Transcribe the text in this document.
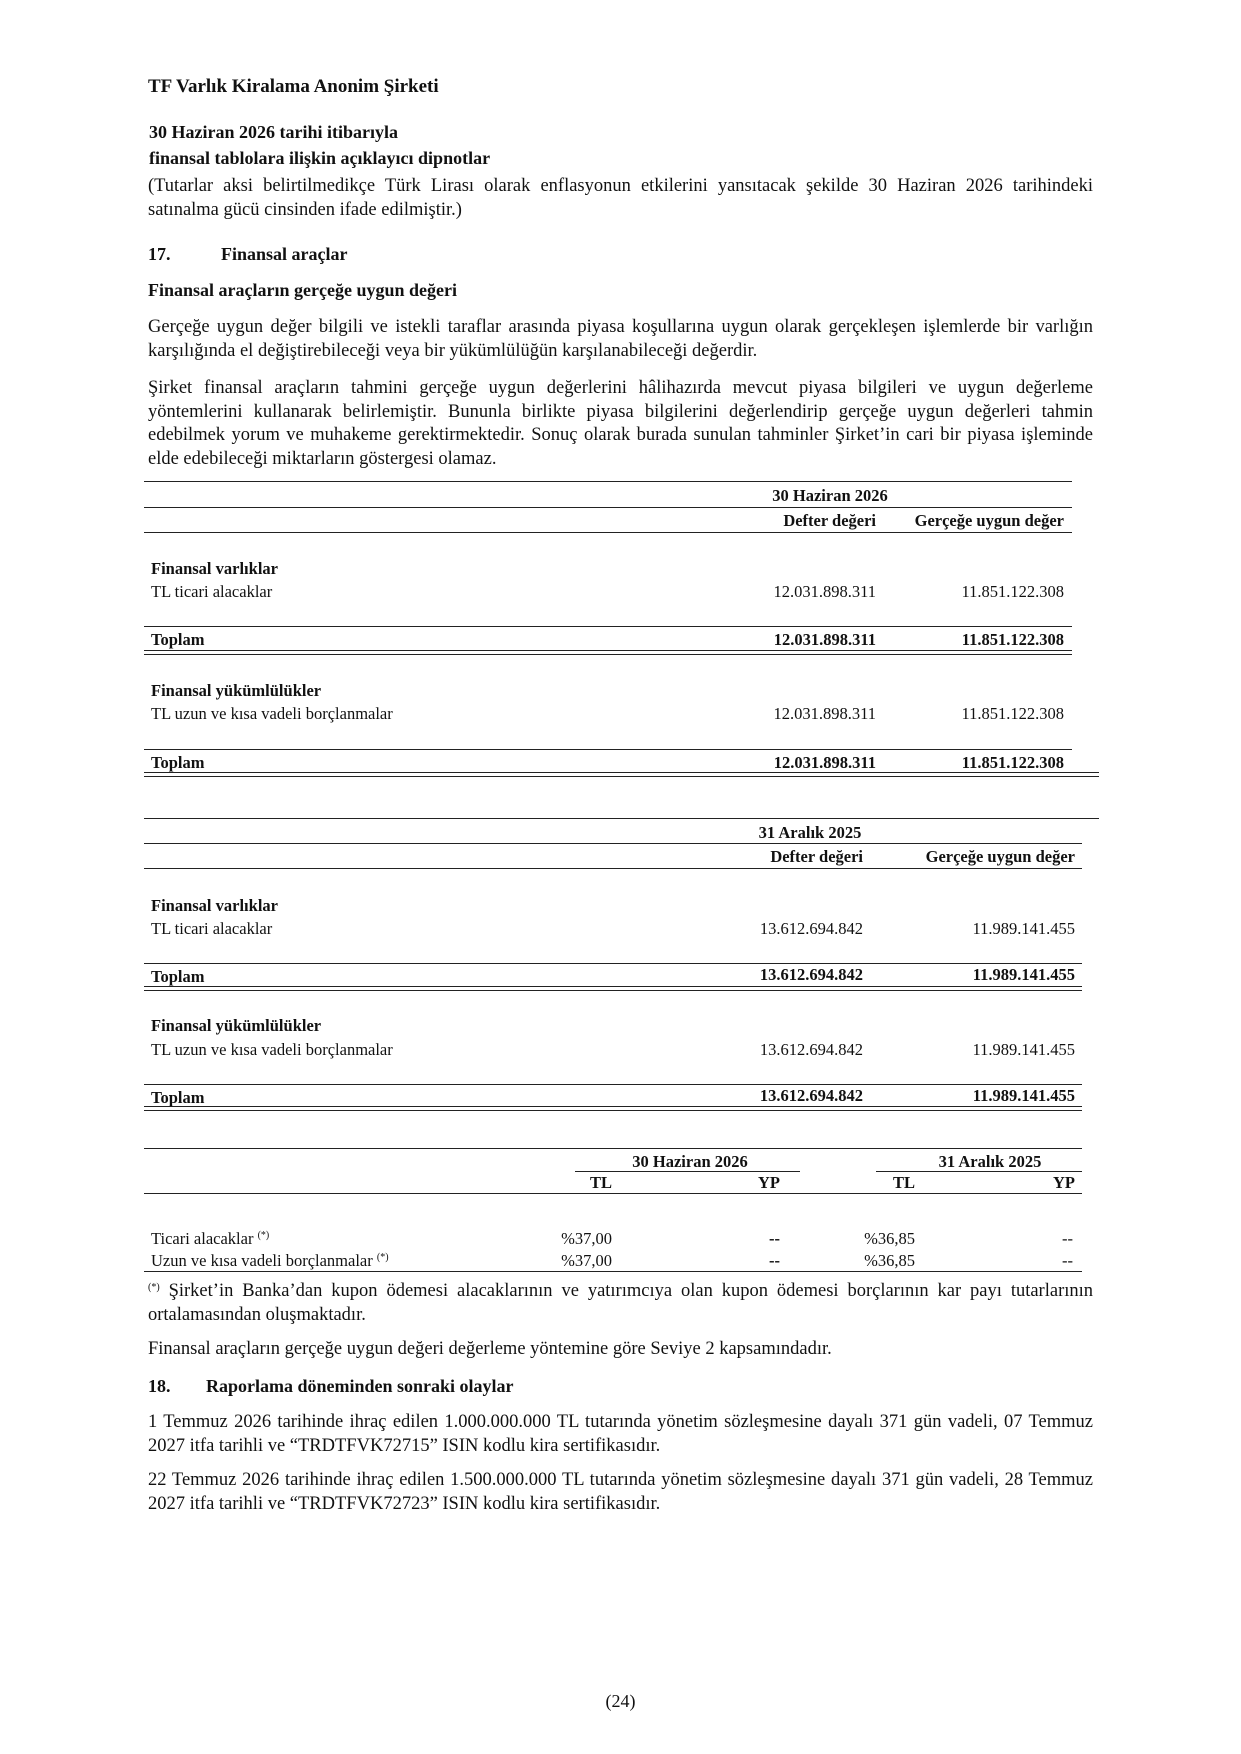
TF Varlık Kiralama Anonim Şirketi
30 Haziran 2026 tarihi itibarıyla
finansal tablolara ilişkin açıklayıcı dipnotlar

(Tutarlar aksi belirtilmedikçe Türk Lirası olarak enflasyonun etkilerini yansıtacak şekilde 30 Haziran 2026 tarihindeki satınalma gücü cinsinden ifade edilmiştir.)

17.	Finansal araçlar
Finansal araçların gerçeğe uygun değeri

Gerçeğe uygun değer bilgili ve istekli taraflar arasında piyasa koşullarına uygun olarak gerçekleşen işlemlerde bir varlığın karşılığında el değiştirebileceği veya bir yükümlülüğün karşılanabileceği değerdir.

Şirket finansal araçların tahmini gerçeğe uygun değerlerini hâlihazırda mevcut piyasa bilgileri ve uygun değerleme yöntemlerini kullanarak belirlemiştir. Bununla birlikte piyasa bilgilerini değerlendirip gerçeğe uygun değerleri tahmin edebilmek yorum ve muhakeme gerektirmektedir. Sonuç olarak burada sunulan tahminler Şirket’in cari bir piyasa işleminde elde edebileceği miktarların göstergesi olamaz.

30 Haziran 2026
Defter değeri	Gerçeğe uygun değer
Finansal varlıklar
TL ticari alacaklar	12.031.898.311	11.851.122.308
Toplam	12.031.898.311	11.851.122.308
Finansal yükümlülükler
TL uzun ve kısa vadeli borçlanmalar	12.031.898.311	11.851.122.308
Toplam	12.031.898.311	11.851.122.308
31 Aralık 2025
Defter değeri	Gerçeğe uygun değer
Finansal varlıklar
TL ticari alacaklar	13.612.694.842	11.989.141.455
Toplam	13.612.694.842	11.989.141.455
Finansal yükümlülükler
TL uzun ve kısa vadeli borçlanmalar	13.612.694.842	11.989.141.455
Toplam	13.612.694.842	11.989.141.455
30 Haziran 2026	31 Aralık 2025
TL	YP	TL	YP
Ticari alacaklar (*)	%37,00	--	%36,85	--
Uzun ve kısa vadeli borçlanmalar (*)	%37,00	--	%36,85	--

(*) Şirket’in Banka’dan kupon ödemesi alacaklarının ve yatırımcıya olan kupon ödemesi borçlarının kar payı tutarlarının ortalamasından oluşmaktadır.

Finansal araçların gerçeğe uygun değeri değerleme yöntemine göre Seviye 2 kapsamındadır.

18. Raporlama döneminden sonraki olaylar

1 Temmuz 2026 tarihinde ihraç edilen 1.000.000.000 TL tutarında yönetim sözleşmesine dayalı 371 gün vadeli, 07 Temmuz 2027 itfa tarihli ve “TRDTFVK72715” ISIN kodlu kira sertifikasıdır.

22 Temmuz 2026 tarihinde ihraç edilen 1.500.000.000 TL tutarında yönetim sözleşmesine dayalı 371 gün vadeli, 28 Temmuz 2027 itfa tarihli ve “TRDTFVK72723” ISIN kodlu kira sertifikasıdır.

(24)
